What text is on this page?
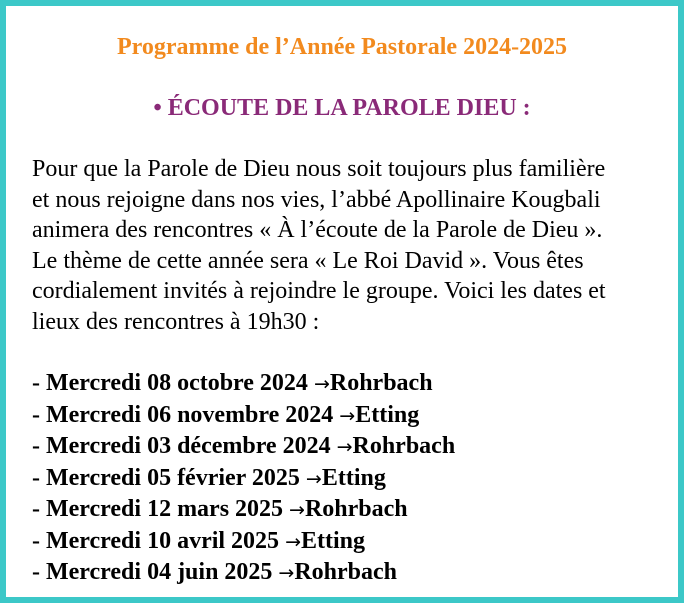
Programme de l’Année Pastorale 2024-2025
• ÉCOUTE DE LA PAROLE DIEU :
Pour que la Parole de Dieu nous soit toujours plus familière
et nous rejoigne dans nos vies, l’abbé Apollinaire Kougbali
animera des rencontres « À l’écoute de la Parole de Dieu ».
Le thème de cette année sera « Le Roi David ». Vous êtes
cordialement invités à rejoindre le groupe. Voici les dates et
lieux des rencontres à 19h30 :
- Mercredi 08 octobre 2024 →Rohrbach
- Mercredi 06 novembre 2024 →Etting
- Mercredi 03 décembre 2024 →Rohrbach
- Mercredi 05 février 2025 →Etting
- Mercredi 12 mars 2025 →Rohrbach
- Mercredi 10 avril 2025 →Etting
- Mercredi 04 juin 2025 →Rohrbach
